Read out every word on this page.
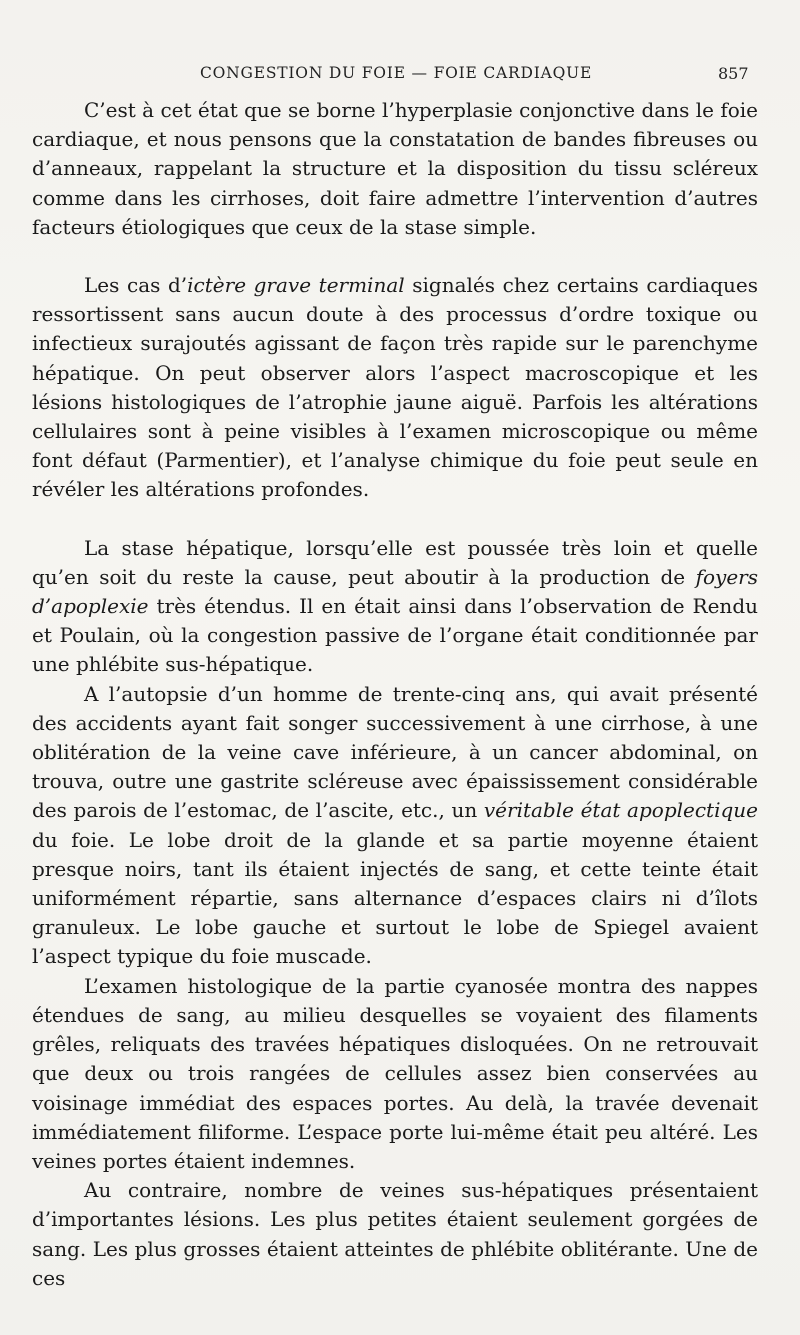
CONGESTION DU FOIE — FOIE CARDIAQUE	857

C’est à cet état que se borne l’hyperplasie conjonctive dans le foie cardiaque, et nous pensons que la constatation de bandes fibreuses ou d’anneaux, rappelant la structure et la disposition du tissu scléreux comme dans les cirrhoses, doit faire admettre l’intervention d’autres facteurs étiologiques que ceux de la stase simple.

Les cas d’ictère grave terminal signalés chez certains cardiaques ressortissent sans aucun doute à des processus d’ordre toxique ou infectieux surajoutés agissant de façon très rapide sur le parenchyme hépatique. On peut observer alors l’aspect macroscopique et les lésions histologiques de l’atrophie jaune aiguë. Parfois les altérations cellulaires sont à peine visibles à l’examen microscopique ou même font défaut (Parmentier), et l’analyse chimique du foie peut seule en révéler les altérations profondes.

La stase hépatique, lorsqu’elle est poussée très loin et quelle qu’en soit du reste la cause, peut aboutir à la production de foyers d’apoplexie très étendus. Il en était ainsi dans l’observation de Rendu et Poulain, où la congestion passive de l’organe était conditionnée par une phlébite sus-hépatique.

A l’autopsie d’un homme de trente-cinq ans, qui avait présenté des accidents ayant fait songer successivement à une cirrhose, à une oblitération de la veine cave inférieure, à un cancer abdominal, on trouva, outre une gastrite scléreuse avec épaississement considérable des parois de l’estomac, de l’ascite, etc., un véritable état apoplectique du foie. Le lobe droit de la glande et sa partie moyenne étaient presque noirs, tant ils étaient injectés de sang, et cette teinte était uniformément répartie, sans alternance d’espaces clairs ni d’îlots granuleux. Le lobe gauche et surtout le lobe de Spiegel avaient l’aspect typique du foie muscade.

L’examen histologique de la partie cyanosée montra des nappes étendues de sang, au milieu desquelles se voyaient des filaments grêles, reliquats des travées hépatiques disloquées. On ne retrouvait que deux ou trois rangées de cellules assez bien conservées au voisinage immédiat des espaces portes. Au delà, la travée devenait immédiatement filiforme. L’espace porte lui-même était peu altéré. Les veines portes étaient indemnes.

Au contraire, nombre de veines sus-hépatiques présentaient d’importantes lésions. Les plus petites étaient seulement gorgées de sang. Les plus grosses étaient atteintes de phlébite oblitérante. Une de ces
